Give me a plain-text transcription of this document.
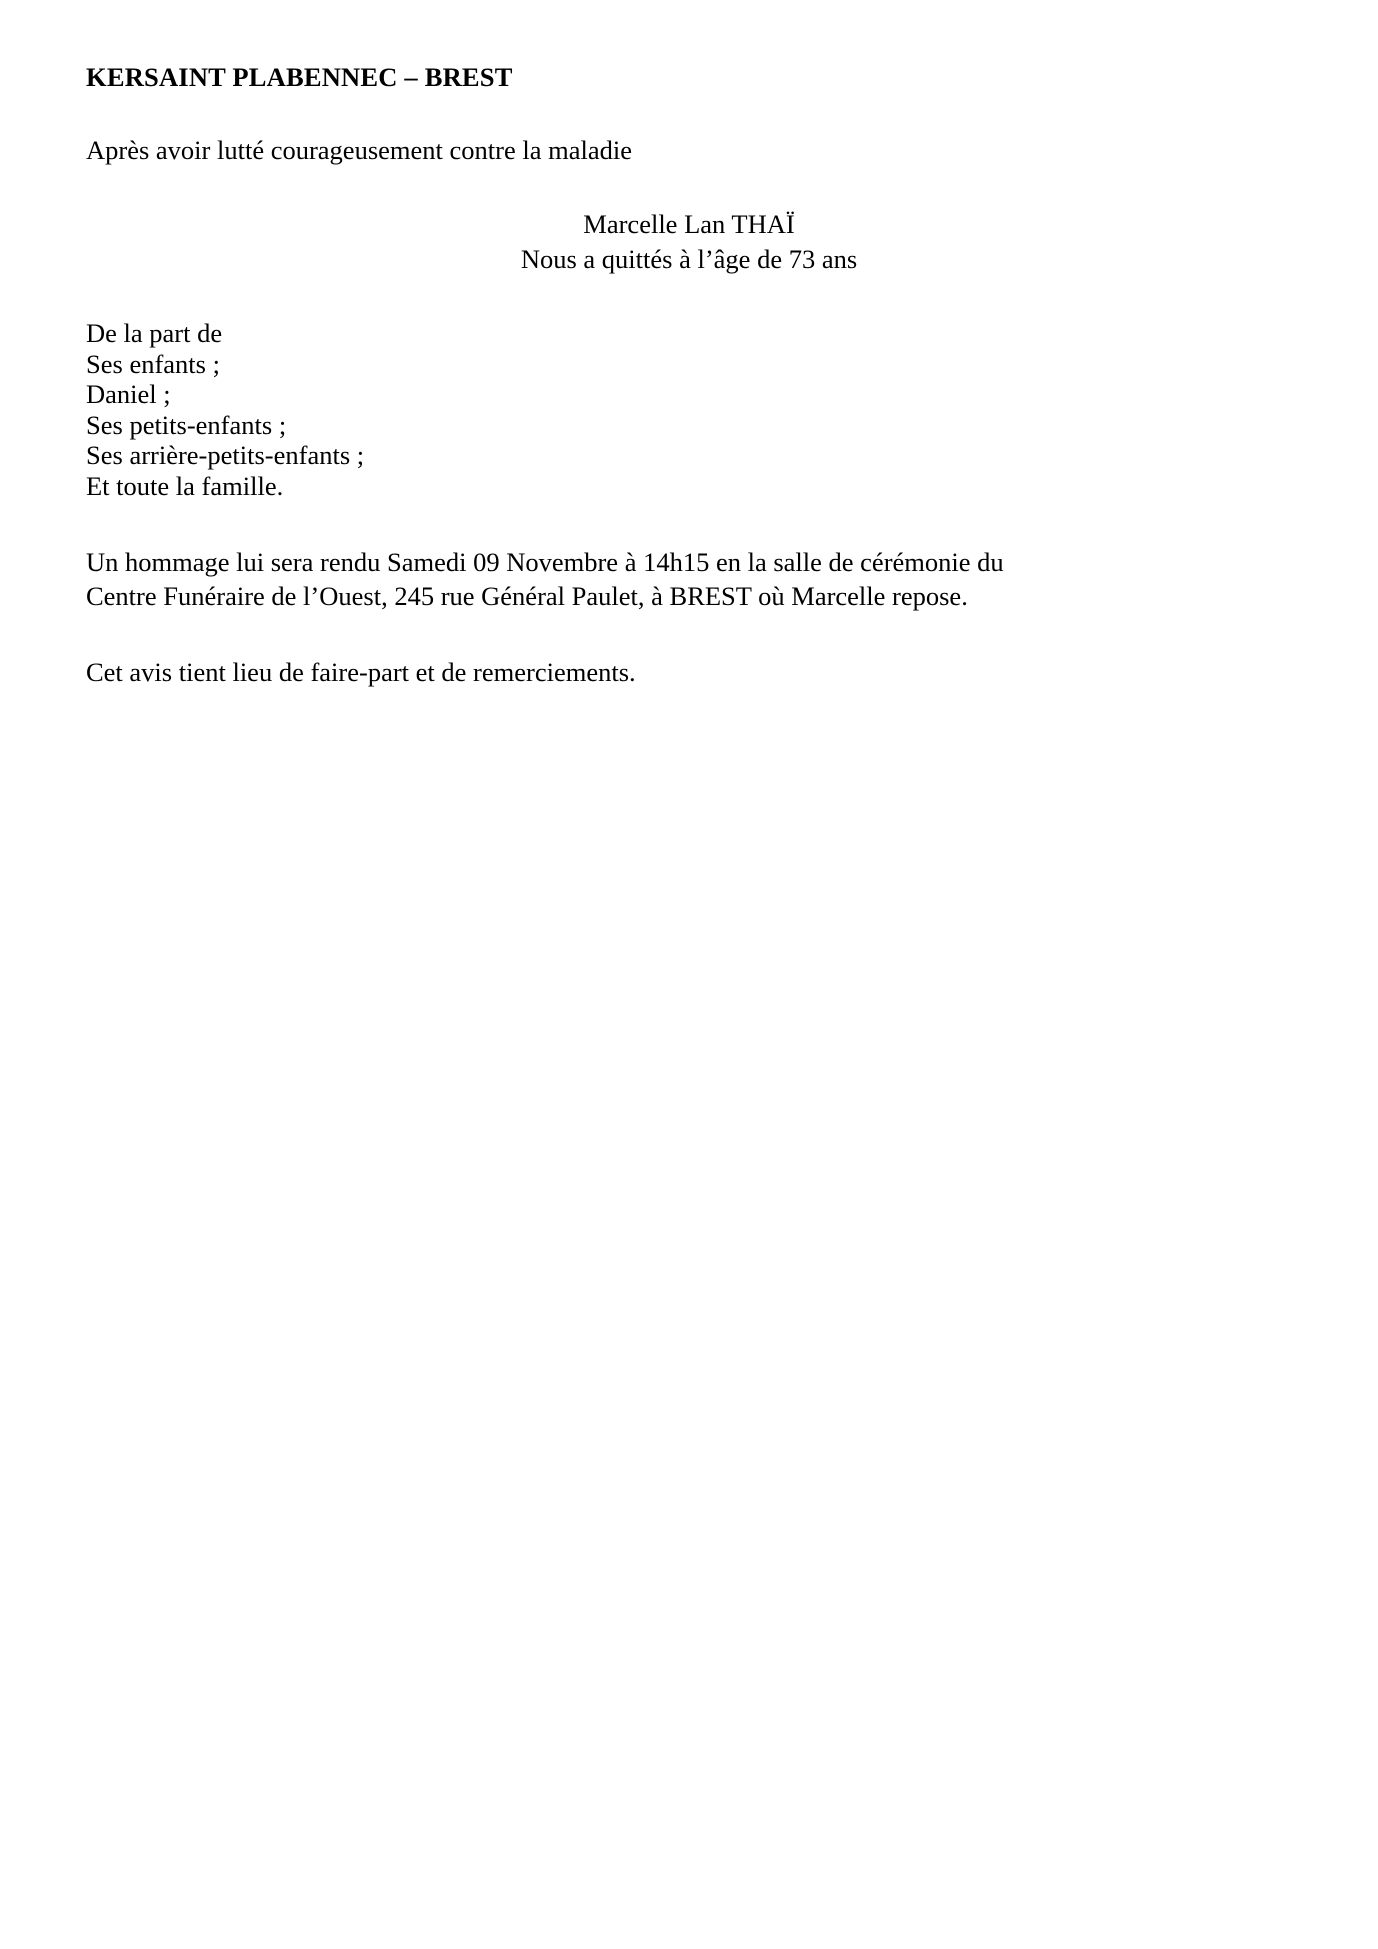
KERSAINT PLABENNEC – BREST

Après avoir lutté courageusement contre la maladie

Marcelle Lan THAÏ

Nous a quittés à l’âge de 73 ans

De la part de

Ses enfants ;

Daniel ;

Ses petits-enfants ;

Ses arrière-petits-enfants ;

Et toute la famille.

Un hommage lui sera rendu Samedi 09 Novembre à 14h15 en la salle de cérémonie du

Centre Funéraire de l’Ouest, 245 rue Général Paulet, à BREST où Marcelle repose.

Cet avis tient lieu de faire-part et de remerciements.
